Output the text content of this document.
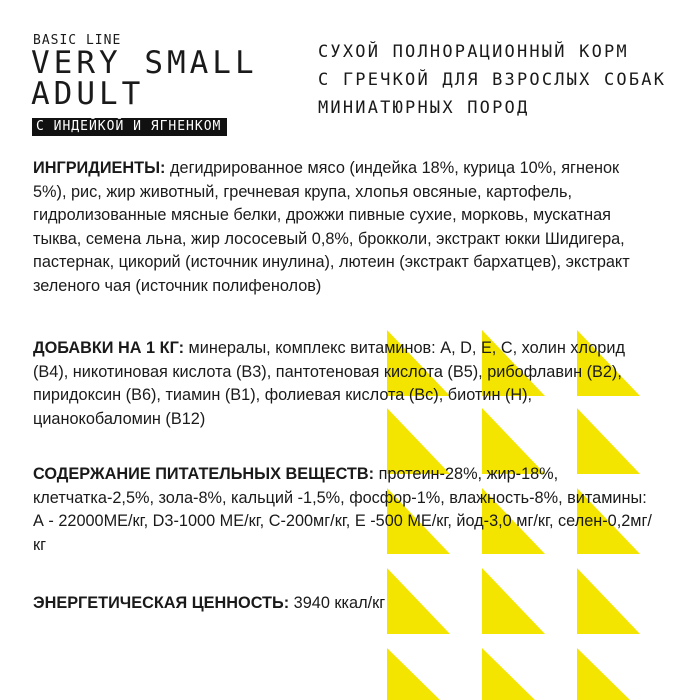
BASIC LINE
VERY SMALL
ADULT
С ИНДЕЙКОЙ И ЯГНЕНКОМ
СУХОЙ ПОЛНОРАЦИОННЫЙ КОРМ
С ГРЕЧКОЙ ДЛЯ ВЗРОСЛЫХ СОБАК
МИНИАТЮРНЫХ ПОРОД
ИНГРИДИЕНТЫ: дегидрированное мясо (индейка 18%, курица 10%, ягненок 5%), рис, жир животный, гречневая крупа, хлопья овсяные, картофель, гидролизованные мясные белки, дрожжи пивные сухие, морковь, мускатная тыква, семена льна, жир лососевый 0,8%, брокколи, экстракт юкки Шидигера, пастернак, цикорий (источник инулина), лютеин (экстракт бархатцев), экстракт зеленого чая (источник полифенолов)
ДОБАВКИ НА 1 КГ: минералы, комплекс витаминов: A, D, E, C, холин хлорид (B4), никотиновая кислота (B3), пантотеновая кислота (B5), рибофлавин (B2), пиридоксин (B6), тиамин (B1), фолиевая кислота (Bc), биотин (H), цианокобаломин (B12)
СОДЕРЖАНИЕ ПИТАТЕЛЬНЫХ ВЕЩЕСТВ: протеин-28%, жир-18%, клетчатка-2,5%, зола-8%, кальций -1,5%, фосфор-1%, влажность-8%, витамины: А - 22000МЕ/кг, D3-1000 МЕ/кг, С-200мг/кг, Е -500 МЕ/кг, йод-3,0 мг/кг, селен-0,2мг/кг
ЭНЕРГЕТИЧЕСКАЯ ЦЕННОСТЬ: 3940 ккал/кг
